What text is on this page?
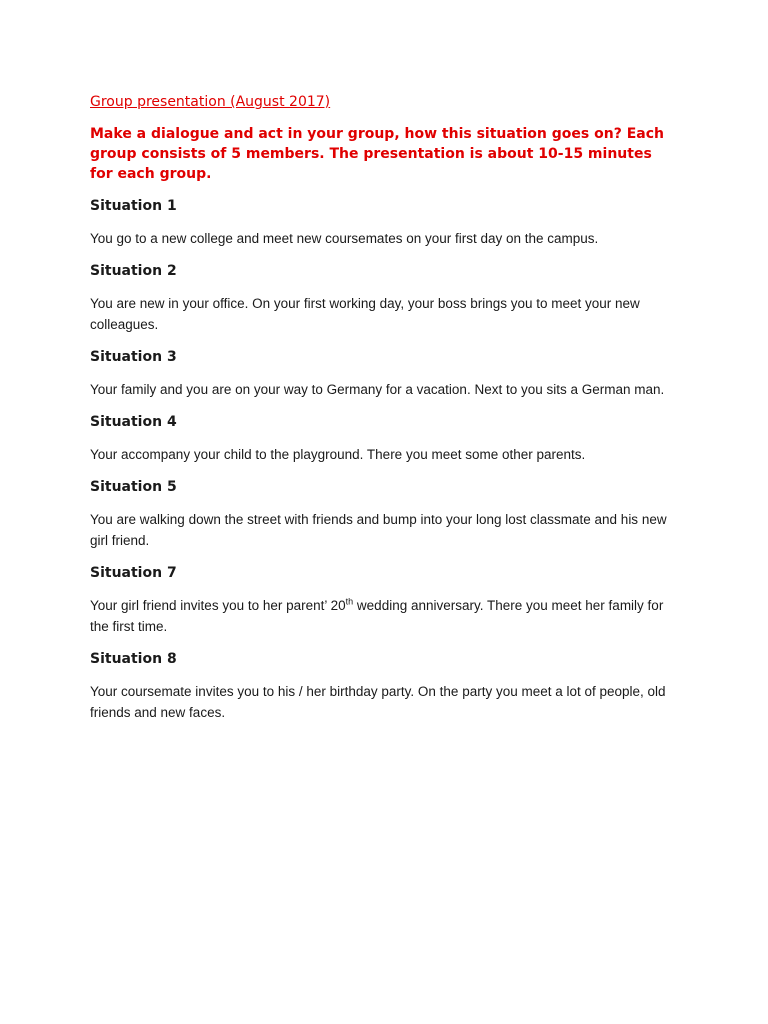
Group presentation (August 2017)

Make a dialogue and act in your group, how this situation goes on? Each group consists of 5 members. The presentation is about 10-15 minutes for each group.

Situation 1

You go to a new college and meet new coursemates on your first day on the campus.

Situation 2

You are new in your office. On your first working day, your boss brings you to meet your new colleagues.

Situation 3

Your family and you are on your way to Germany for a vacation. Next to you sits a German man.

Situation 4

Your accompany your child to the playground. There you meet some other parents.

Situation 5

You are walking down the street with friends and bump into your long lost classmate and his new girl friend.

Situation 7

Your girl friend invites you to her parent’ 20th wedding anniversary. There you meet her family for the first time.

Situation 8

Your coursemate invites you to his / her birthday party. On the party you meet a lot of people, old friends and new faces.
